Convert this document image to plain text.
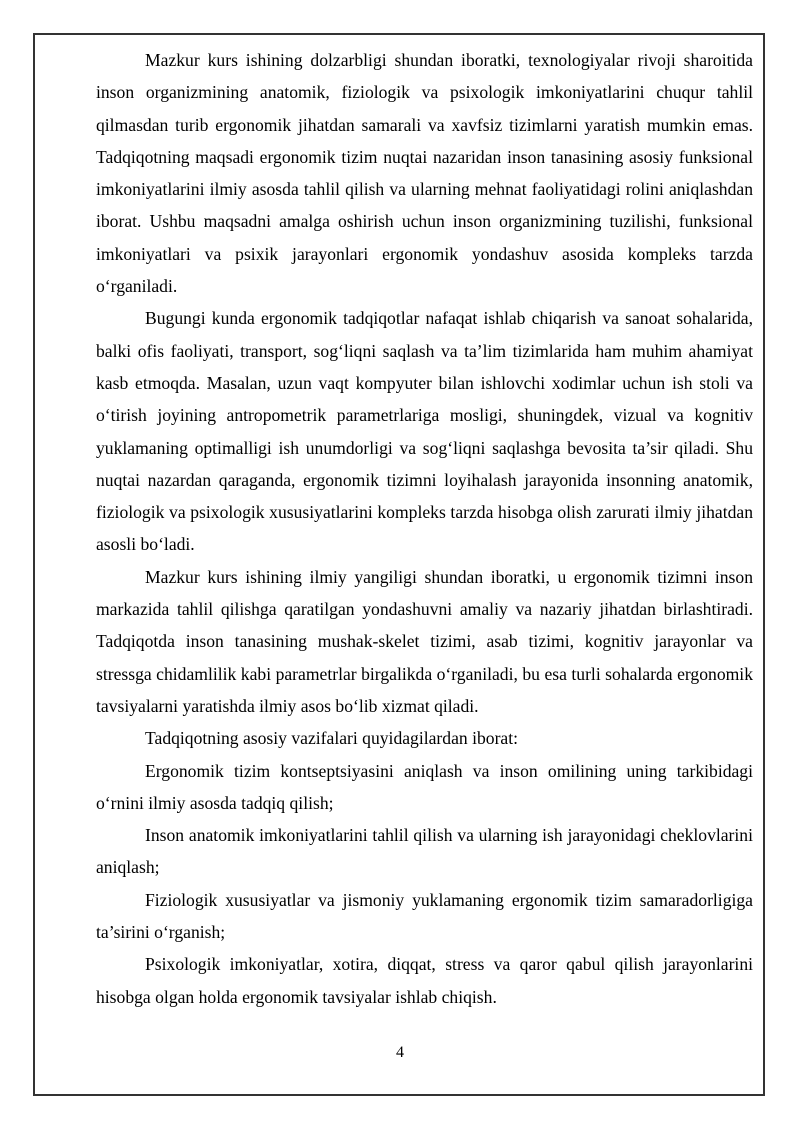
Mazkur kurs ishining dolzarbligi shundan iboratki, texnologiyalar rivoji sharoitida inson organizmining anatomik, fiziologik va psixologik imkoniyatlarini chuqur tahlil qilmasdan turib ergonomik jihatdan samarali va xavfsiz tizimlarni yaratish mumkin emas. Tadqiqotning maqsadi ergonomik tizim nuqtai nazaridan inson tanasining asosiy funksional imkoniyatlarini ilmiy asosda tahlil qilish va ularning mehnat faoliyatidagi rolini aniqlashdan iborat. Ushbu maqsadni amalga oshirish uchun inson organizmining tuzilishi, funksional imkoniyatlari va psixik jarayonlari ergonomik yondashuv asosida kompleks tarzda o‘rganiladi.

Bugungi kunda ergonomik tadqiqotlar nafaqat ishlab chiqarish va sanoat sohalarida, balki ofis faoliyati, transport, sog‘liqni saqlash va ta’lim tizimlarida ham muhim ahamiyat kasb etmoqda. Masalan, uzun vaqt kompyuter bilan ishlovchi xodimlar uchun ish stoli va o‘tirish joyining antropometrik parametrlariga mosligi, shuningdek, vizual va kognitiv yuklamaning optimalligi ish unumdorligi va sog‘liqni saqlashga bevosita ta’sir qiladi. Shu nuqtai nazardan qaraganda, ergonomik tizimni loyihalash jarayonida insonning anatomik, fiziologik va psixologik xususiyatlarini kompleks tarzda hisobga olish zarurati ilmiy jihatdan asosli bo‘ladi.

Mazkur kurs ishining ilmiy yangiligi shundan iboratki, u ergonomik tizimni inson markazida tahlil qilishga qaratilgan yondashuvni amaliy va nazariy jihatdan birlashtiradi. Tadqiqotda inson tanasining mushak-skelet tizimi, asab tizimi, kognitiv jarayonlar va stressga chidamlilik kabi parametrlar birgalikda o‘rganiladi, bu esa turli sohalarda ergonomik tavsiyalarni yaratishda ilmiy asos bo‘lib xizmat qiladi.

Tadqiqotning asosiy vazifalari quyidagilardan iborat:

Ergonomik tizim kontseptsiyasini aniqlash va inson omilining uning tarkibidagi o‘rnini ilmiy asosda tadqiq qilish;

Inson anatomik imkoniyatlarini tahlil qilish va ularning ish jarayonidagi cheklovlarini aniqlash;

Fiziologik xususiyatlar va jismoniy yuklamaning ergonomik tizim samaradorligiga ta’sirini o‘rganish;

Psixologik imkoniyatlar, xotira, diqqat, stress va qaror qabul qilish jarayonlarini hisobga olgan holda ergonomik tavsiyalar ishlab chiqish.

4
